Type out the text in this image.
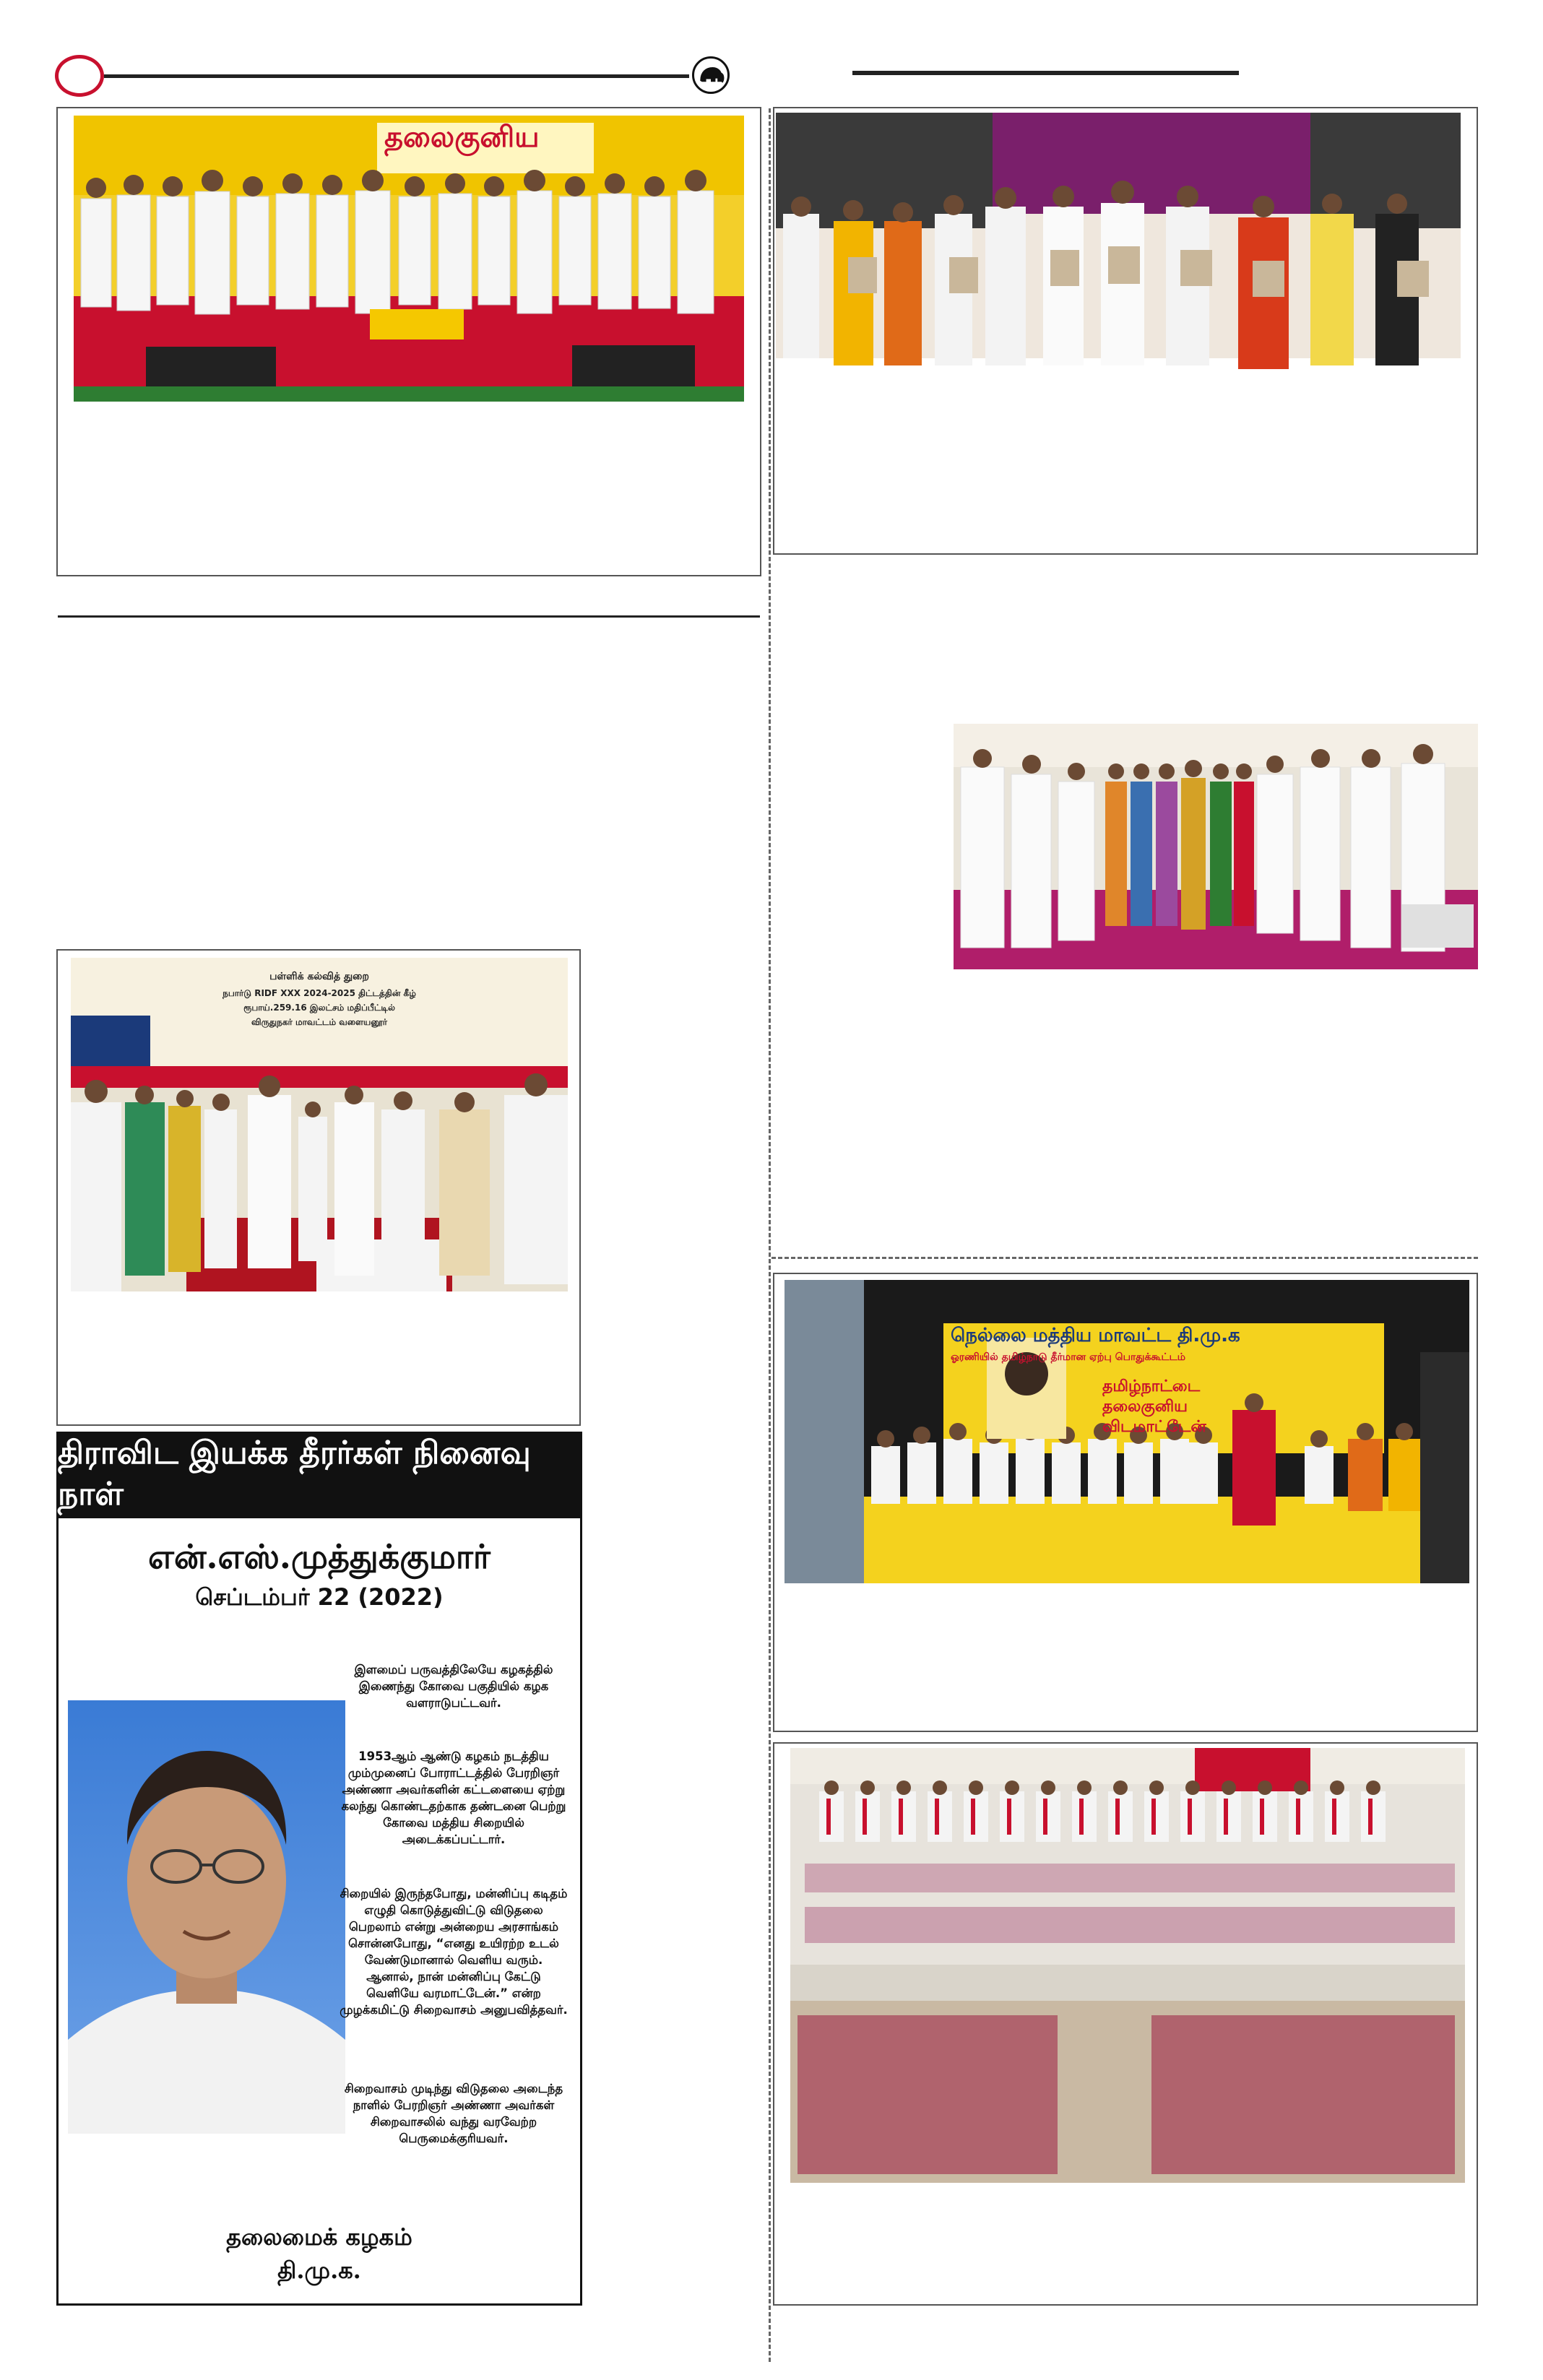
தலைகுனிய
பள்ளிக் கல்வித் துறை
நபார்டு RIDF XXX 2024-2025 திட்டத்தின் கீழ்
ரூபாய்.259.16 இலட்சம் மதிப்பீட்டில்
விருதுநகர் மாவட்டம் வளையனூர்
திராவிட இயக்க தீரர்கள் நினைவு நாள்
என்.எஸ்.முத்துக்குமார்
செப்டம்பர் 22 (2022)

இளமைப் பருவத்திலேயே கழகத்தில் இணைந்து கோவை பகுதியில் கழக வளராடுபட்டவர்.

1953ஆம் ஆண்டு கழகம் நடத்திய மும்முனைப் போராட்டத்தில் பேரறிஞர் அண்ணா அவர்களின் கட்டளையை ஏற்று கலந்து கொண்டதற்காக தண்டனை பெற்று கோவை மத்திய சிறையில் அடைக்கப்பட்டார்.

சிறையில் இருந்தபோது, மன்னிப்பு கடிதம் எழுதி கொடுத்துவிட்டு விடுதலை பெறலாம் என்று அன்றைய அரசாங்கம் சொன்னபோது, “எனது உயிரற்ற உடல் வேண்டுமானால் வெளிய வரும். ஆனால், நான் மன்னிப்பு கேட்டு வெளியே வரமாட்டேன்.” என்ற முழக்கமிட்டு சிறைவாசம் அனுபவித்தவர்.

சிறைவாசம் முடிந்து விடுதலை அடைந்த நாளில் பேரறிஞர் அண்ணா அவர்கள் சிறைவாசலில் வந்து வரவேற்ற பெருமைக்குரியவர்.

தலைமைக் கழகம்
தி.மு.க.
நெல்லை மத்திய மாவட்ட தி.மு.க
ஓரணியில் தமிழ்நாடு தீர்மான ஏற்பு பொதுக்கூட்டம்
தமிழ்நாட்டை தலைகுனிய விடமாட்டேன்
